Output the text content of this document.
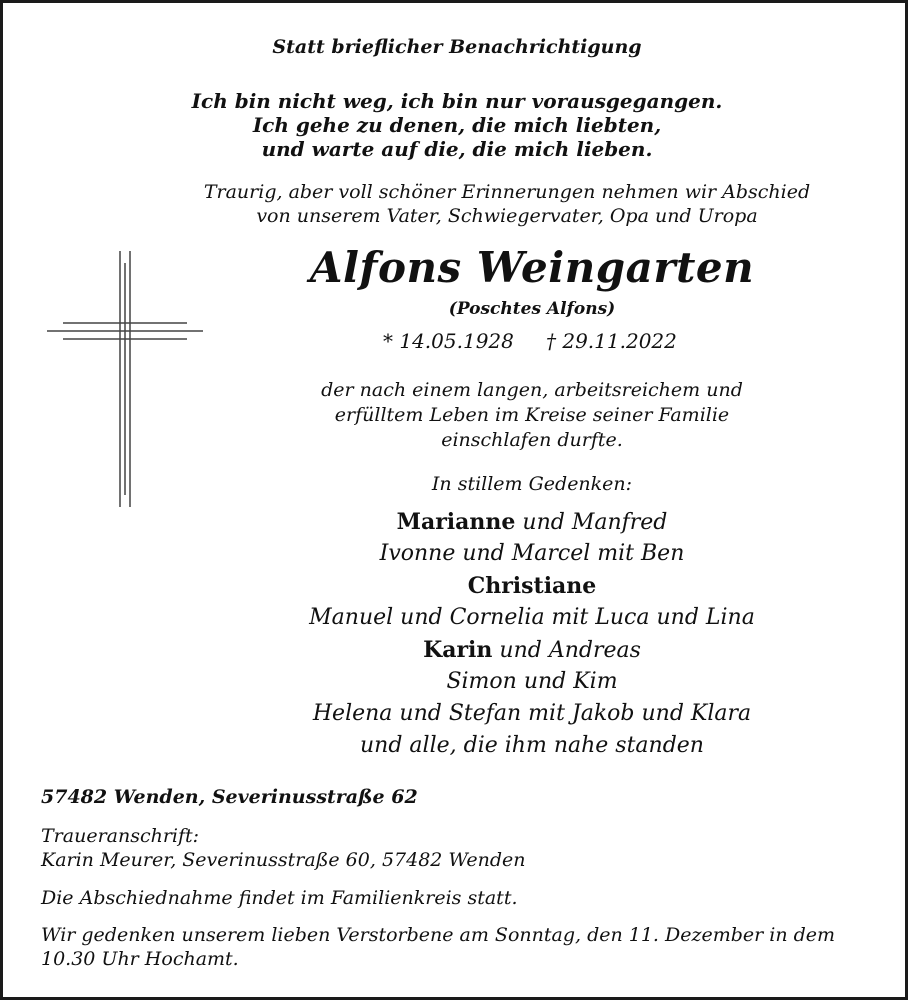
Statt brieflicher Benachrichtigung
Ich bin nicht weg, ich bin nur vorausgegangen.
Ich gehe zu denen, die mich liebten,
und warte auf die, die mich lieben.
Traurig, aber voll schöner Erinnerungen nehmen wir Abschied
von unserem Vater, Schwiegervater, Opa und Uropa
Alfons Weingarten
(Poschtes Alfons)
* 14.05.1928 † 29.11.2022
der nach einem langen, arbeitsreichem und
erfülltem Leben im Kreise seiner Familie
einschlafen durfte.
In stillem Gedenken:
Marianne und Manfred
Ivonne und Marcel mit Ben
Christiane
Manuel und Cornelia mit Luca und Lina
Karin und Andreas
Simon und Kim
Helena und Stefan mit Jakob und Klara
und alle, die ihm nahe standen
57482 Wenden, Severinusstraße 62
Traueranschrift:
Karin Meurer, Severinusstraße 60, 57482 Wenden
Die Abschiednahme findet im Familienkreis statt.
Wir gedenken unserem lieben Verstorbene am Sonntag, den 11. Dezember in dem
10.30 Uhr Hochamt.
